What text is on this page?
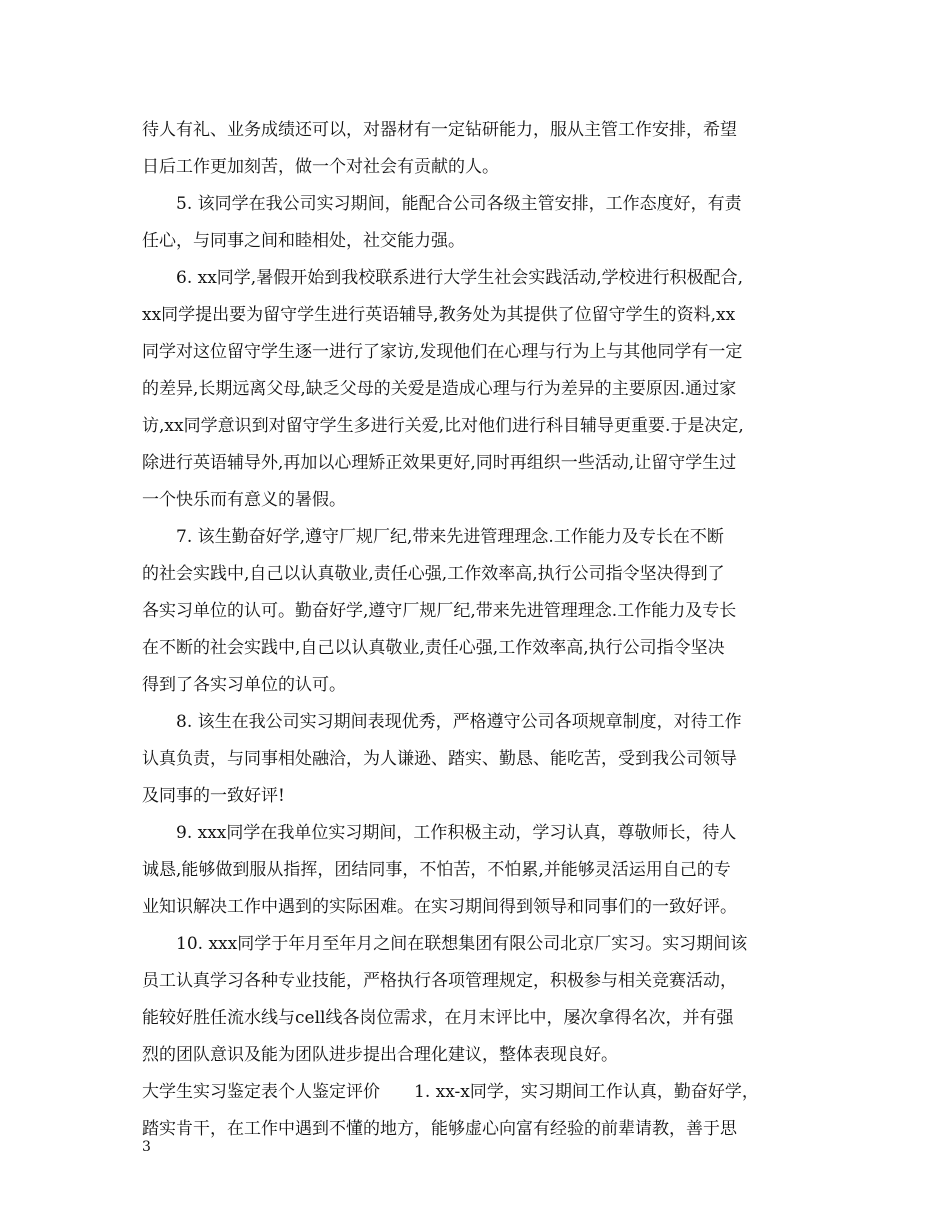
待人有礼、业务成绩还可以，对器材有一定钻研能力，服从主管工作安排，希望
日后工作更加刻苦，做一个对社会有贡献的人。
5. 该同学在我公司实习期间，能配合公司各级主管安排，工作态度好，有责
任心，与同事之间和睦相处，社交能力强。
6. xx同学,暑假开始到我校联系进行大学生社会实践活动,学校进行积极配合,
xx同学提出要为留守学生进行英语辅导,教务处为其提供了位留守学生的资料,xx
同学对这位留守学生逐一进行了家访,发现他们在心理与行为上与其他同学有一定
的差异,长期远离父母,缺乏父母的关爱是造成心理与行为差异的主要原因.通过家
访,xx同学意识到对留守学生多进行关爱,比对他们进行科目辅导更重要.于是决定,
除进行英语辅导外,再加以心理矫正效果更好,同时再组织一些活动,让留守学生过
一个快乐而有意义的暑假。
7. 该生勤奋好学,遵守厂规厂纪,带来先进管理理念.工作能力及专长在不断
的社会实践中,自己以认真敬业,责任心强,工作效率高,执行公司指令坚决得到了
各实习单位的认可。勤奋好学,遵守厂规厂纪,带来先进管理理念.工作能力及专长
在不断的社会实践中,自己以认真敬业,责任心强,工作效率高,执行公司指令坚决
得到了各实习单位的认可。
8. 该生在我公司实习期间表现优秀，严格遵守公司各项规章制度，对待工作
认真负责，与同事相处融洽，为人谦逊、踏实、勤恳、能吃苦，受到我公司领导
及同事的一致好评!
9. xxx同学在我单位实习期间，工作积极主动，学习认真，尊敬师长，待人
诚恳,能够做到服从指挥，团结同事，不怕苦，不怕累,并能够灵活运用自己的专
业知识解决工作中遇到的实际困难。在实习期间得到领导和同事们的一致好评。
10. xxx同学于年月至年月之间在联想集团有限公司北京厂实习。实习期间该
员工认真学习各种专业技能，严格执行各项管理规定，积极参与相关竞赛活动，
能较好胜任流水线与cell线各岗位需求，在月末评比中，屡次拿得名次，并有强
烈的团队意识及能为团队进步提出合理化建议，整体表现良好。
大学生实习鉴定表个人鉴定评价　　1. xx-x同学，实习期间工作认真，勤奋好学，
踏实肯干，在工作中遇到不懂的地方，能够虚心向富有经验的前辈请教，善于思
3
